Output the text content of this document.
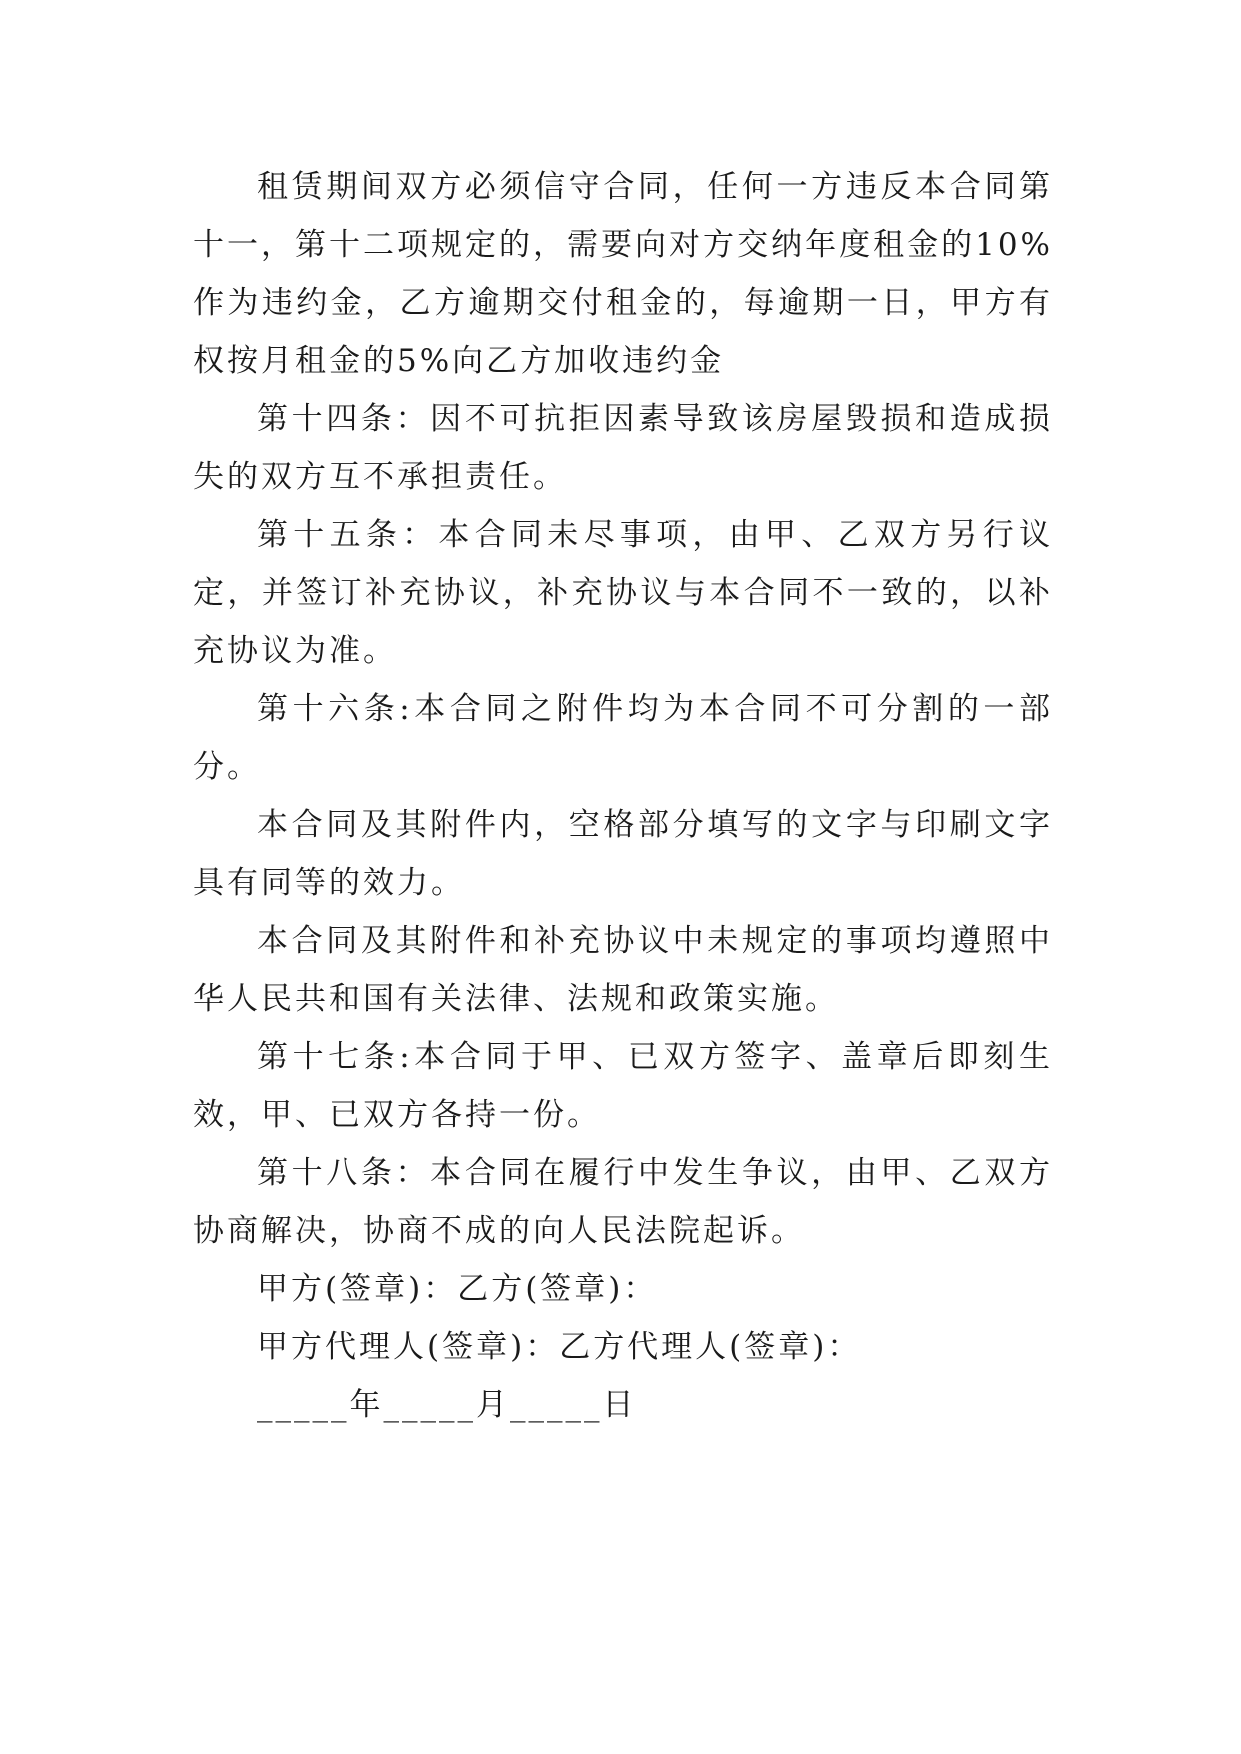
租赁期间双方必须信守合同，任何一方违反本合同第十一，第十二项规定的，需要向对方交纳年度租金的10%作为违约金，乙方逾期交付租金的，每逾期一日，甲方有权按月租金的5%向乙方加收违约金

第十四条：因不可抗拒因素导致该房屋毁损和造成损失的双方互不承担责任。

第十五条：本合同未尽事项，由甲、乙双方另行议定，并签订补充协议，补充协议与本合同不一致的，以补充协议为准。

第十六条:本合同之附件均为本合同不可分割的一部分。

本合同及其附件内，空格部分填写的文字与印刷文字具有同等的效力。

本合同及其附件和补充协议中未规定的事项均遵照中华人民共和国有关法律、法规和政策实施。

第十七条:本合同于甲、已双方签字、盖章后即刻生效，甲、已双方各持一份。

第十八条：本合同在履行中发生争议，由甲、乙双方协商解决，协商不成的向人民法院起诉。

甲方(签章)：乙方(签章)：

甲方代理人(签章)：乙方代理人(签章)：

_____年_____月_____日
